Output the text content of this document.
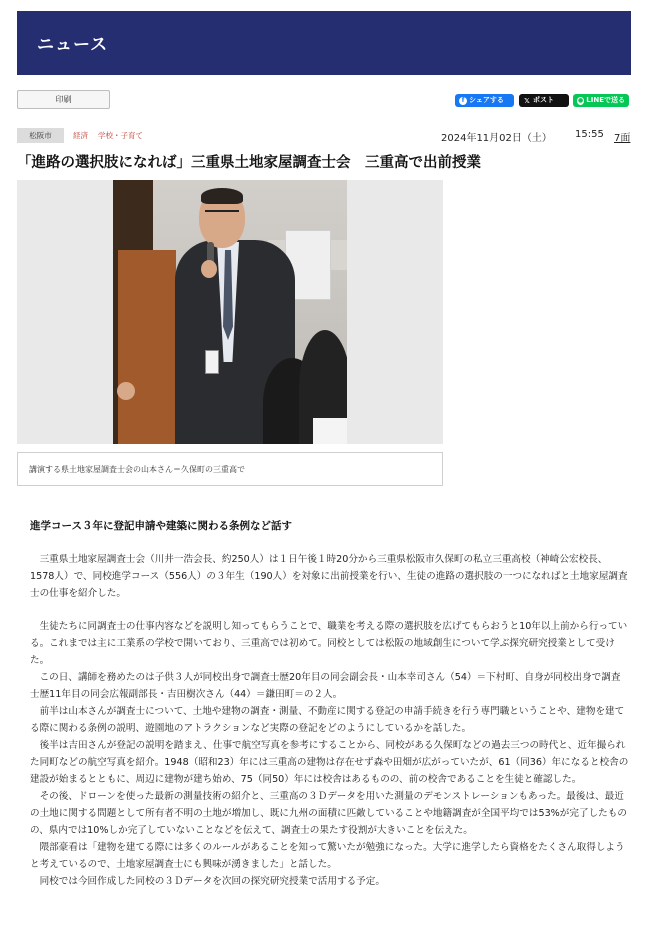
ニュース
印刷	f シェアする	𝕏 ポスト	● LINEで送る
松阪市	経済 学校・子育て	2024年11月02日（土） 15:55 7面
「進路の選択肢になれば」三重県土地家屋調査士会　三重高で出前授業
講演する県土地家屋調査士会の山本さん＝久保町の三重高で
進学コース３年に登記申請や建築に関わる条例など話す
　三重県土地家屋調査士会（川井一浩会長、約250人）は１日午後１時20分から三重県松阪市久保町の私立三重高校（神崎公宏校長、1578人）で、同校進学コース（556人）の３年生（190人）を対象に出前授業を行い、生徒の進路の選択肢の一つになればと土地家屋調査士の仕事を紹介した。
　生徒たちに同調査士の仕事内容などを説明し知ってもらうことで、職業を考える際の選択肢を広げてもらおうと10年以上前から行っている。これまでは主に工業系の学校で開いており、三重高では初めて。同校としては松阪の地域創生について学ぶ探究研究授業として受けた。
　この日、講師を務めたのは子供３人が同校出身で調査士歴20年目の同会副会長・山本幸司さん（54）＝下村町、自身が同校出身で調査士歴11年目の同会広報副部長・吉田樹次さん（44）＝鎌田町＝の２人。
　前半は山本さんが調査士について、土地や建物の調査・測量、不動産に関する登記の申請手続きを行う専門職ということや、建物を建てる際に関わる条例の説明、遊園地のアトラクションなど実際の登記をどのようにしているかを話した。
　後半は吉田さんが登記の説明を踏まえ、仕事で航空写真を参考にすることから、同校がある久保町などの過去三つの時代と、近年撮られた同町などの航空写真を紹介。1948（昭和23）年には三重高の建物は存在せず森や田畑が広がっていたが、61（同36）年になると校舎の建設が始まるとともに、周辺に建物が建ち始め、75（同50）年には校舎はあるものの、前の校舎であることを生徒と確認した。
　その後、ドローンを使った最新の測量技術の紹介と、三重高の３Ｄデータを用いた測量のデモンストレーションもあった。最後は、最近の土地に関する問題として所有者不明の土地が増加し、既に九州の面積に匹敵していることや地籍調査が全国平均では53%が完了したものの、県内では10%しか完了していないことなどを伝えて、調査士の果たす役割が大きいことを伝えた。
　隈部豪看は「建物を建てる際には多くのルールがあることを知って驚いたが勉強になった。大学に進学したら資格をたくさん取得しようと考えているので、土地家屋調査士にも興味が湧きました」と話した。
　同校では今回作成した同校の３Ｄデータを次回の探究研究授業で活用する予定。
